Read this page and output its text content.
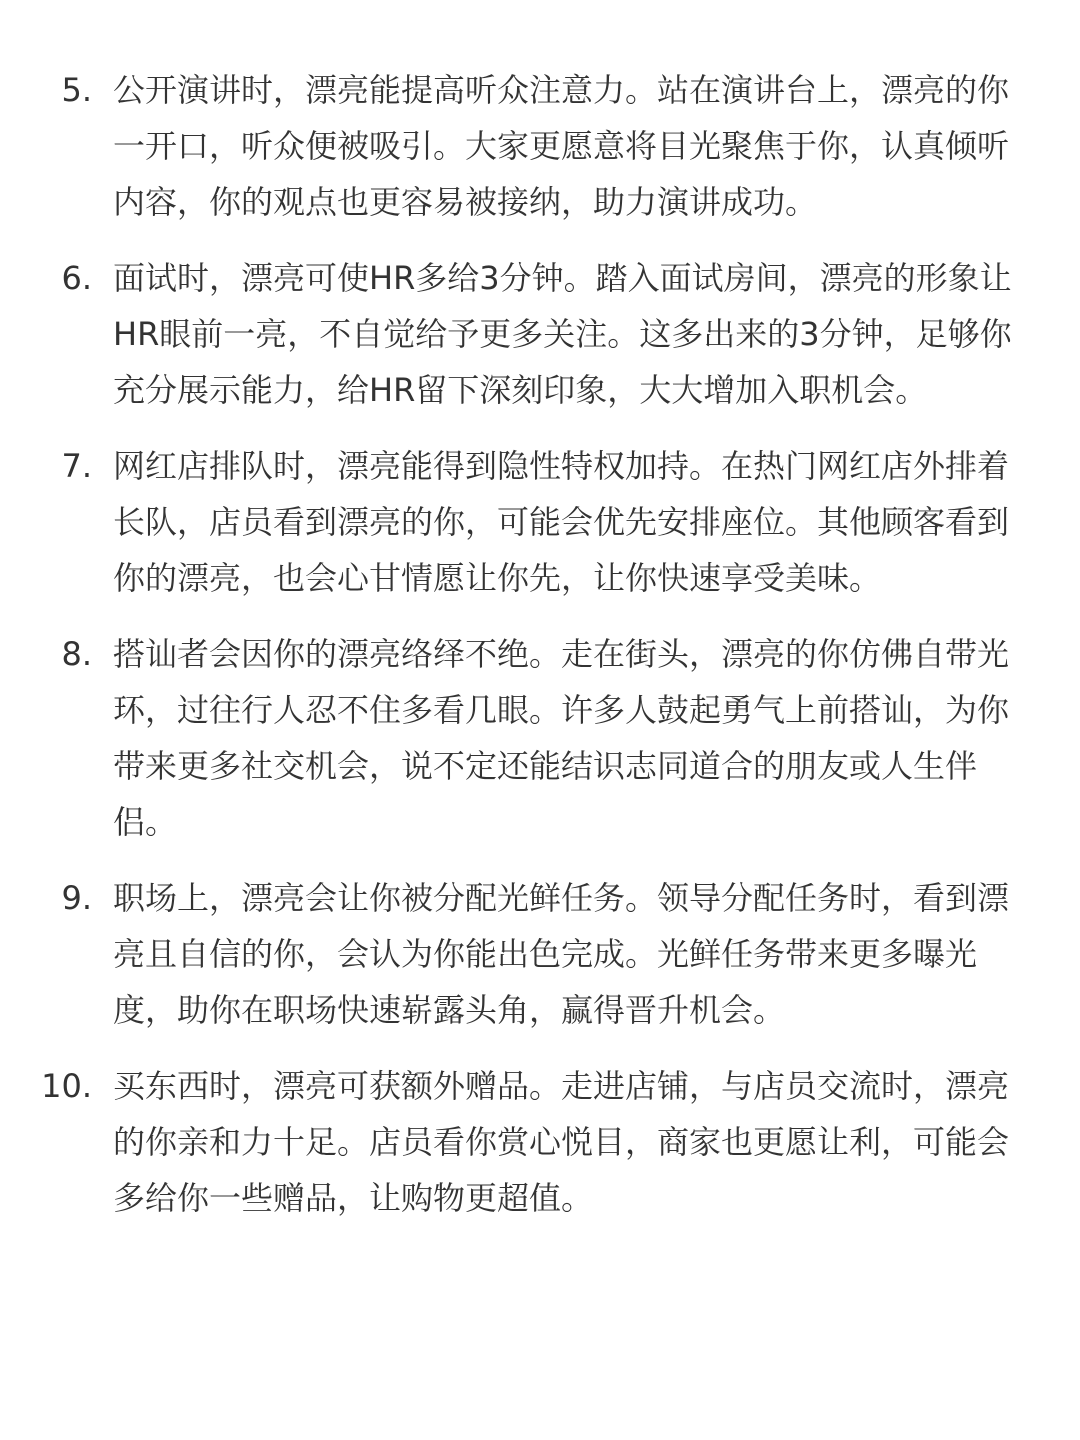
5. 公开演讲时，漂亮能提高听众注意力。站在演讲台上，漂亮的你一开口，听众便被吸引。大家更愿意将目光聚焦于你，认真倾听内容，你的观点也更容易被接纳，助力演讲成功。
6. 面试时，漂亮可使HR多给3分钟。踏入面试房间，漂亮的形象让HR眼前一亮，不自觉给予更多关注。这多出来的3分钟，足够你充分展示能力，给HR留下深刻印象，大大增加入职机会。
7. 网红店排队时，漂亮能得到隐性特权加持。在热门网红店外排着长队，店员看到漂亮的你，可能会优先安排座位。其他顾客看到你的漂亮，也会心甘情愿让你先，让你快速享受美味。
8. 搭讪者会因你的漂亮络绎不绝。走在街头，漂亮的你仿佛自带光环，过往行人忍不住多看几眼。许多人鼓起勇气上前搭讪，为你带来更多社交机会，说不定还能结识志同道合的朋友或人生伴侣。
9. 职场上，漂亮会让你被分配光鲜任务。领导分配任务时，看到漂亮且自信的你，会认为你能出色完成。光鲜任务带来更多曝光度，助你在职场快速崭露头角，赢得晋升机会。
10. 买东西时，漂亮可获额外赠品。走进店铺，与店员交流时，漂亮的你亲和力十足。店员看你赏心悦目，商家也更愿让利，可能会多给你一些赠品，让购物更超值。
